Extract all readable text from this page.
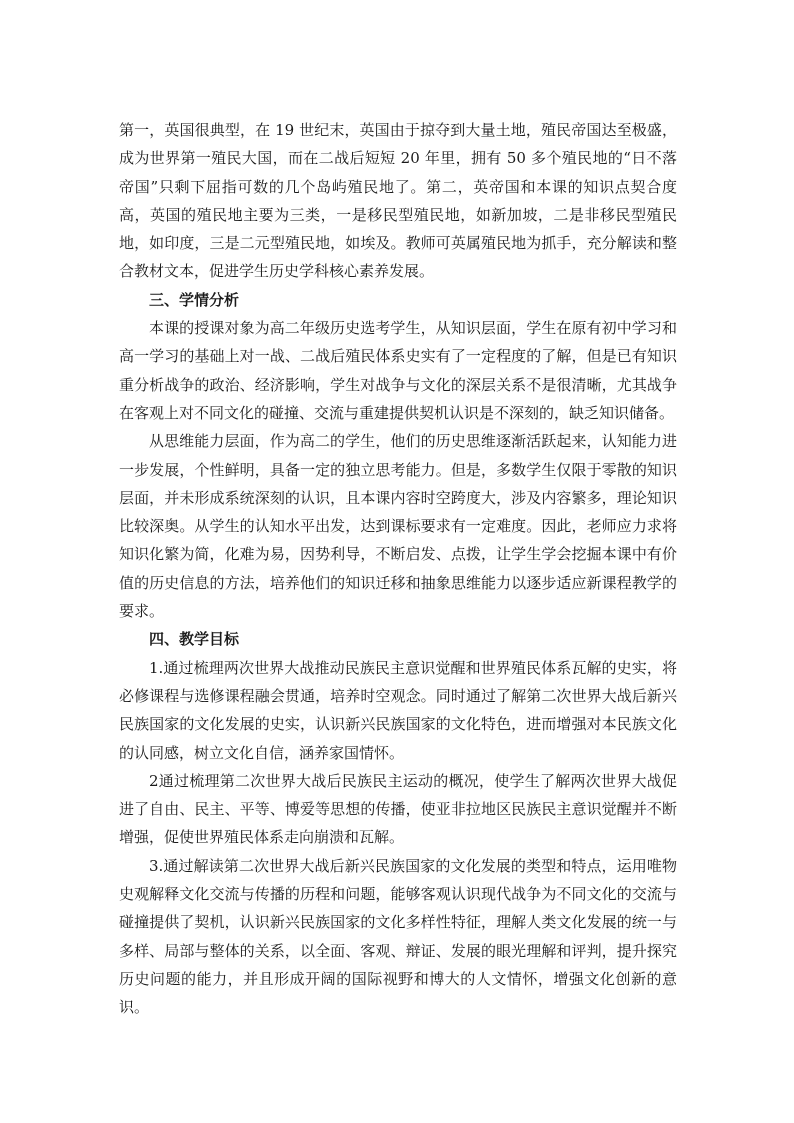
第一，英国很典型，在 19 世纪末，英国由于掠夺到大量土地，殖民帝国达至极盛，成为世界第一殖民大国，而在二战后短短 20 年里，拥有 50 多个殖民地的“日不落帝国”只剩下屈指可数的几个岛屿殖民地了。第二，英帝国和本课的知识点契合度高，英国的殖民地主要为三类，一是移民型殖民地，如新加坡，二是非移民型殖民地，如印度，三是二元型殖民地，如埃及。教师可英属殖民地为抓手，充分解读和整合教材文本，促进学生历史学科核心素养发展。

三、学情分析

本课的授课对象为高二年级历史选考学生，从知识层面，学生在原有初中学习和高一学习的基础上对一战、二战后殖民体系史实有了一定程度的了解，但是已有知识重分析战争的政治、经济影响，学生对战争与文化的深层关系不是很清晰，尤其战争在客观上对不同文化的碰撞、交流与重建提供契机认识是不深刻的，缺乏知识储备。

从思维能力层面，作为高二的学生，他们的历史思维逐渐活跃起来，认知能力进一步发展，个性鲜明，具备一定的独立思考能力。但是，多数学生仅限于零散的知识层面，并未形成系统深刻的认识，且本课内容时空跨度大，涉及内容繁多，理论知识比较深奥。从学生的认知水平出发，达到课标要求有一定难度。因此，老师应力求将知识化繁为简，化难为易，因势利导，不断启发、点拨，让学生学会挖掘本课中有价值的历史信息的方法，培养他们的知识迁移和抽象思维能力以逐步适应新课程教学的要求。

四、教学目标

1.通过梳理两次世界大战推动民族民主意识觉醒和世界殖民体系瓦解的史实，将必修课程与选修课程融会贯通，培养时空观念。同时通过了解第二次世界大战后新兴民族国家的文化发展的史实，认识新兴民族国家的文化特色，进而增强对本民族文化的认同感，树立文化自信，涵养家国情怀。

2通过梳理第二次世界大战后民族民主运动的概况，使学生了解两次世界大战促进了自由、民主、平等、博爱等思想的传播，使亚非拉地区民族民主意识觉醒并不断增强，促使世界殖民体系走向崩溃和瓦解。

3.通过解读第二次世界大战后新兴民族国家的文化发展的类型和特点，运用唯物史观解释文化交流与传播的历程和问题，能够客观认识现代战争为不同文化的交流与碰撞提供了契机，认识新兴民族国家的文化多样性特征，理解人类文化发展的统一与多样、局部与整体的关系，以全面、客观、辩证、发展的眼光理解和评判，提升探究历史问题的能力，并且形成开阔的国际视野和博大的人文情怀，增强文化创新的意识。
